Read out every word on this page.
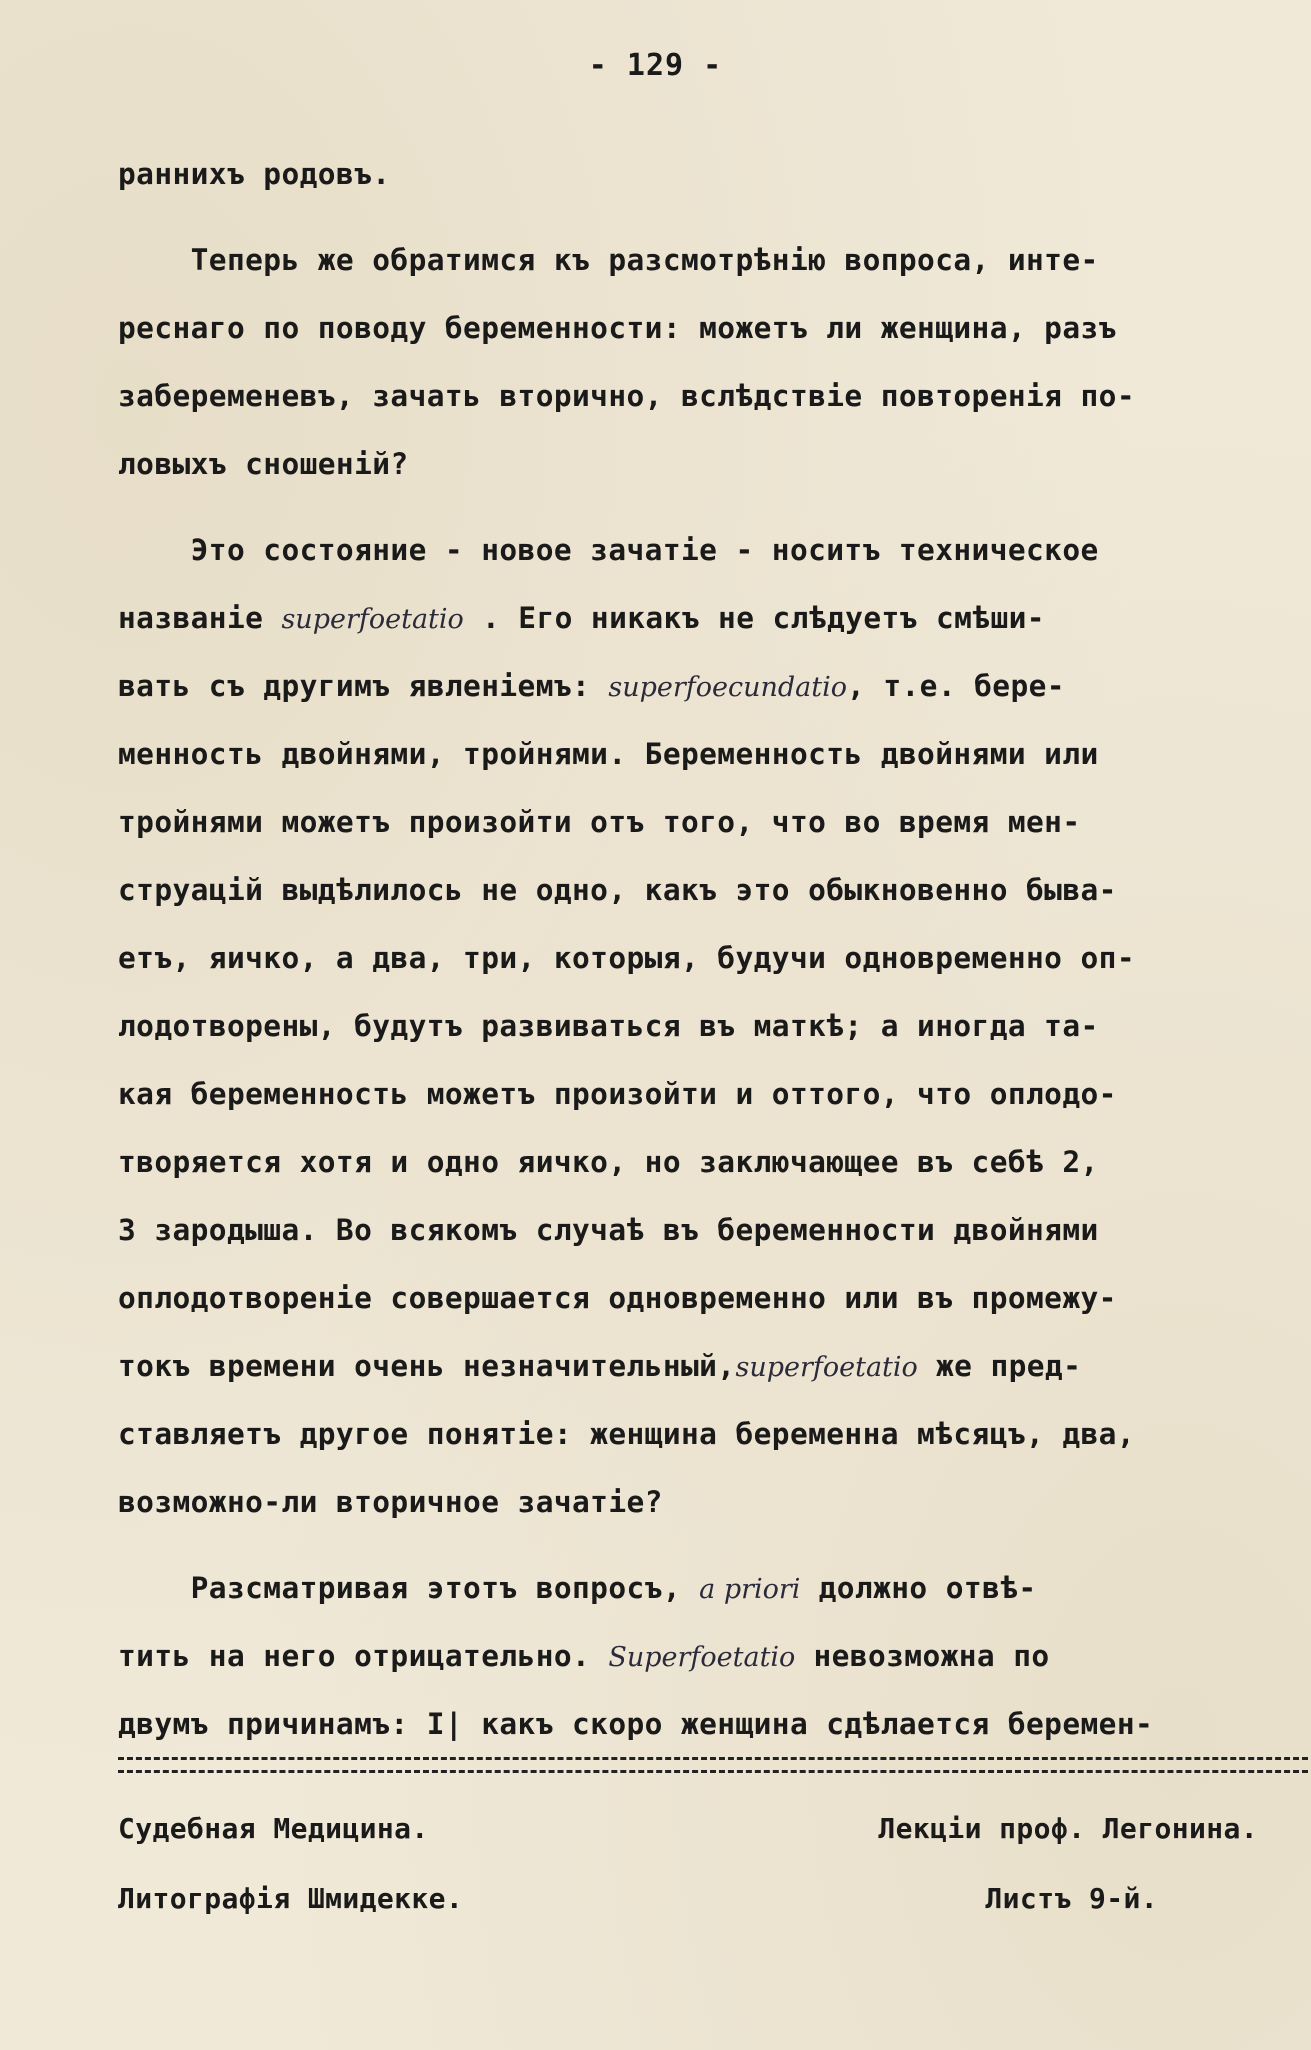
- 129 -
раннихъ родовъ.
Теперь же обратимся къ разсмотрѣнію вопроса, инте-
реснаго по поводу беременности: можетъ ли женщина, разъ
забеременевъ, зачать вторично, вслѣдствіе повторенія по-
ловыхъ сношеній?
Это состояние - новое зачатіе - носитъ техническое
названіе superfoetatio . Его никакъ не слѣдуетъ смѣши-
вать съ другимъ явленіемъ: superfoecundatio, т.е. бере-
менность двойнями, тройнями. Беременность двойнями или
тройнями можетъ произойти отъ того, что во время мен-
струацій выдѣлилось не одно, какъ это обыкновенно быва-
етъ, яичко, а два, три, которыя, будучи одновременно оп-
лодотворены, будутъ развиваться въ маткѣ; а иногда та-
кая беременность можетъ произойти и оттого, что оплодо-
творяется хотя и одно яичко, но заключающее въ себѣ 2,
3 зародыша. Во всякомъ случаѣ въ беременности двойнями
оплодотвореніе совершается одновременно или въ промежу-
токъ времени очень незначительный,superfoetatio же пред-
ставляетъ другое понятіе: женщина беременна мѣсяцъ, два,
возможно-ли вторичное зачатіе?
Разсматривая этотъ вопросъ, a priori должно отвѣ-
тить на него отрицательно. Superfoetatio невозможна по
двумъ причинамъ: I| какъ скоро женщина сдѣлается беремен-
Судебная Медицина.	Лекціи проф. Легонина.
Литографія Шмидекке.	Листъ 9-й.
